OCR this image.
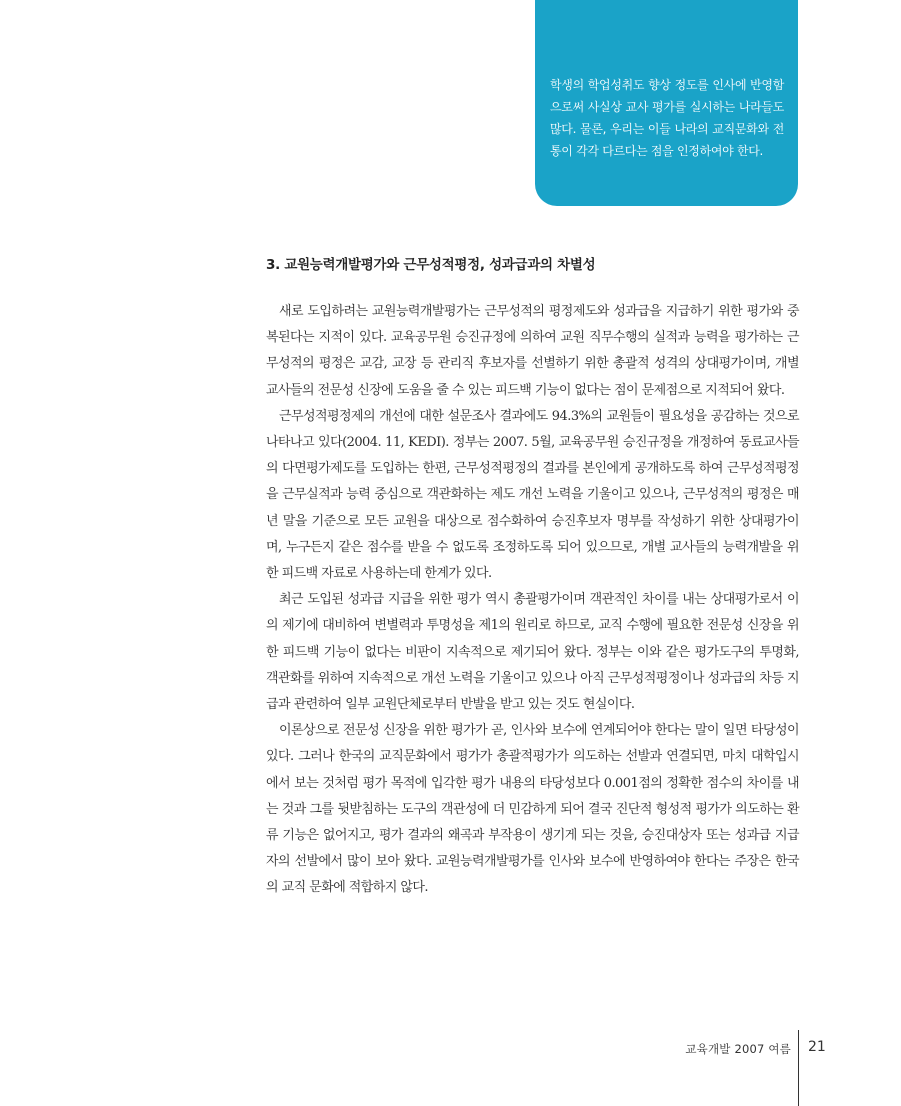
학생의 학업성취도 향상 정도를 인사에 반영함으로써 사실상 교사 평가를 실시하는 나라들도 많다. 물론, 우리는 이들 나라의 교직문화와 전통이 각각 다르다는 점을 인정하여야 한다.

3. 교원능력개발평가와 근무성적평정, 성과급과의 차별성

새로 도입하려는 교원능력개발평가는 근무성적의 평정제도와 성과급을 지급하기 위한 평가와 중복된다는 지적이 있다. 교육공무원 승진규정에 의하여 교원 직무수행의 실적과 능력을 평가하는 근무성적의 평정은 교감, 교장 등 관리직 후보자를 선별하기 위한 총괄적 성격의 상대평가이며, 개별 교사들의 전문성 신장에 도움을 줄 수 있는 피드백 기능이 없다는 점이 문제점으로 지적되어 왔다.

근무성적평정제의 개선에 대한 설문조사 결과에도 94.3%의 교원들이 필요성을 공감하는 것으로 나타나고 있다(2004. 11, KEDI). 정부는 2007. 5월, 교육공무원 승진규정을 개정하여 동료교사들의 다면평가제도를 도입하는 한편, 근무성적평정의 결과를 본인에게 공개하도록 하여 근무성적평정을 근무실적과 능력 중심으로 객관화하는 제도 개선 노력을 기울이고 있으나, 근무성적의 평정은 매년 말을 기준으로 모든 교원을 대상으로 점수화하여 승진후보자 명부를 작성하기 위한 상대평가이며, 누구든지 같은 점수를 받을 수 없도록 조정하도록 되어 있으므로, 개별 교사들의 능력개발을 위한 피드백 자료로 사용하는데 한계가 있다.

최근 도입된 성과급 지급을 위한 평가 역시 총괄평가이며 객관적인 차이를 내는 상대평가로서 이의 제기에 대비하여 변별력과 투명성을 제1의 원리로 하므로, 교직 수행에 필요한 전문성 신장을 위한 피드백 기능이 없다는 비판이 지속적으로 제기되어 왔다. 정부는 이와 같은 평가도구의 투명화, 객관화를 위하여 지속적으로 개선 노력을 기울이고 있으나 아직 근무성적평정이나 성과급의 차등 지급과 관련하여 일부 교원단체로부터 반발을 받고 있는 것도 현실이다.

이론상으로 전문성 신장을 위한 평가가 곧, 인사와 보수에 연계되어야 한다는 말이 일면 타당성이 있다. 그러나 한국의 교직문화에서 평가가 총괄적평가가 의도하는 선발과 연결되면, 마치 대학입시에서 보는 것처럼 평가 목적에 입각한 평가 내용의 타당성보다 0.001점의 정확한 점수의 차이를 내는 것과 그를 뒷받침하는 도구의 객관성에 더 민감하게 되어 결국 진단적 형성적 평가가 의도하는 환류 기능은 없어지고, 평가 결과의 왜곡과 부작용이 생기게 되는 것을, 승진대상자 또는 성과급 지급자의 선발에서 많이 보아 왔다. 교원능력개발평가를 인사와 보수에 반영하여야 한다는 주장은 한국의 교직 문화에 적합하지 않다.

교육개발 2007 여름 21
